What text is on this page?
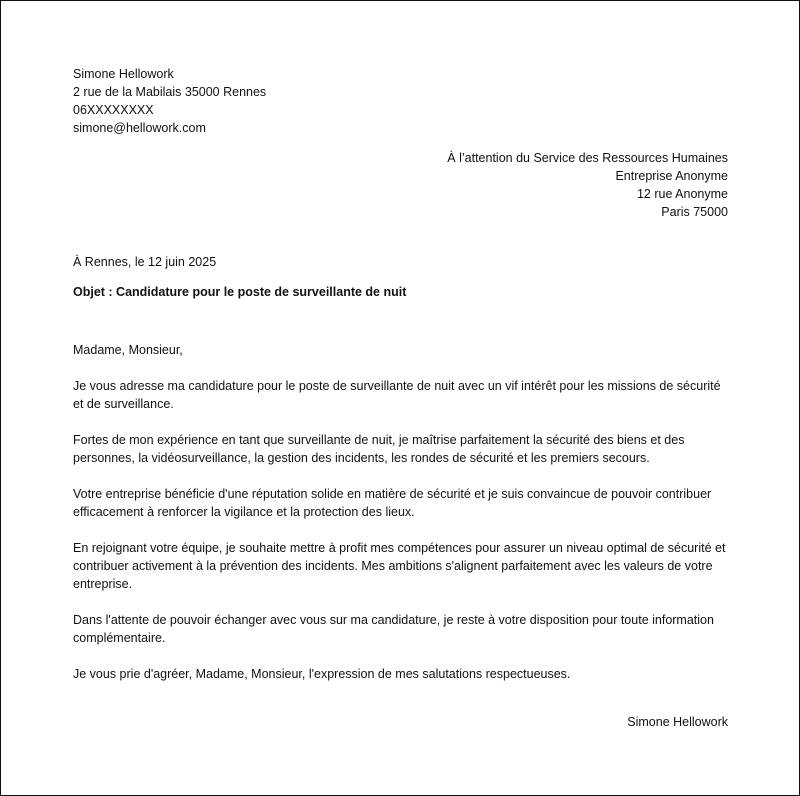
Simone Hellowork
2 rue de la Mabilais 35000 Rennes
06XXXXXXXX
simone@hellowork.com
À l’attention du Service des Ressources Humaines
Entreprise Anonyme
12 rue Anonyme
Paris 75000
À Rennes, le 12 juin 2025
Objet : Candidature pour le poste de surveillante de nuit
Madame, Monsieur,

Je vous adresse ma candidature pour le poste de surveillante de nuit avec un vif intérêt pour les missions de sécurité et de surveillance.

Fortes de mon expérience en tant que surveillante de nuit, je maîtrise parfaitement la sécurité des biens et des personnes, la vidéosurveillance, la gestion des incidents, les rondes de sécurité et les premiers secours.

Votre entreprise bénéficie d'une réputation solide en matière de sécurité et je suis convaincue de pouvoir contribuer efficacement à renforcer la vigilance et la protection des lieux.

En rejoignant votre équipe, je souhaite mettre à profit mes compétences pour assurer un niveau optimal de sécurité et contribuer activement à la prévention des incidents. Mes ambitions s'alignent parfaitement avec les valeurs de votre entreprise.

Dans l'attente de pouvoir échanger avec vous sur ma candidature, je reste à votre disposition pour toute information complémentaire.

Je vous prie d'agréer, Madame, Monsieur, l'expression de mes salutations respectueuses.

Simone Hellowork
